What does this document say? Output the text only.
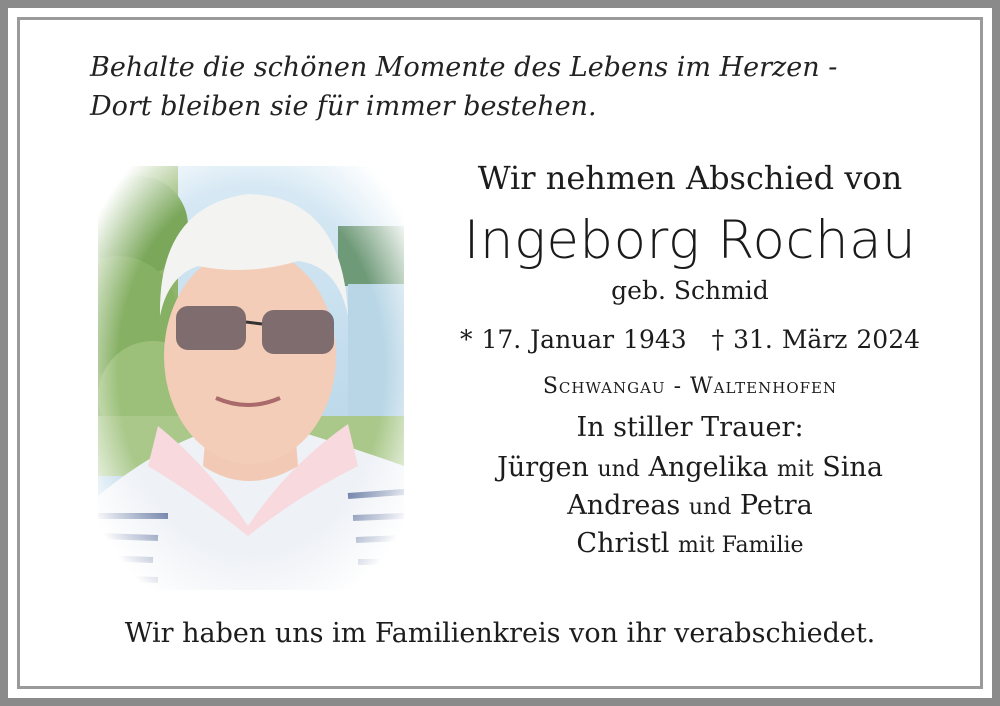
Behalte die schönen Momente des Lebens im Herzen -
Dort bleiben sie für immer bestehen.
Wir nehmen Abschied von
Ingeborg Rochau
geb. Schmid
* 17. Januar 1943 † 31. März 2024
Schwangau - Waltenhofen
In stiller Trauer:
Jürgen und Angelika mit Sina
Andreas und Petra
Christl mit Familie
Wir haben uns im Familienkreis von ihr verabschiedet.
